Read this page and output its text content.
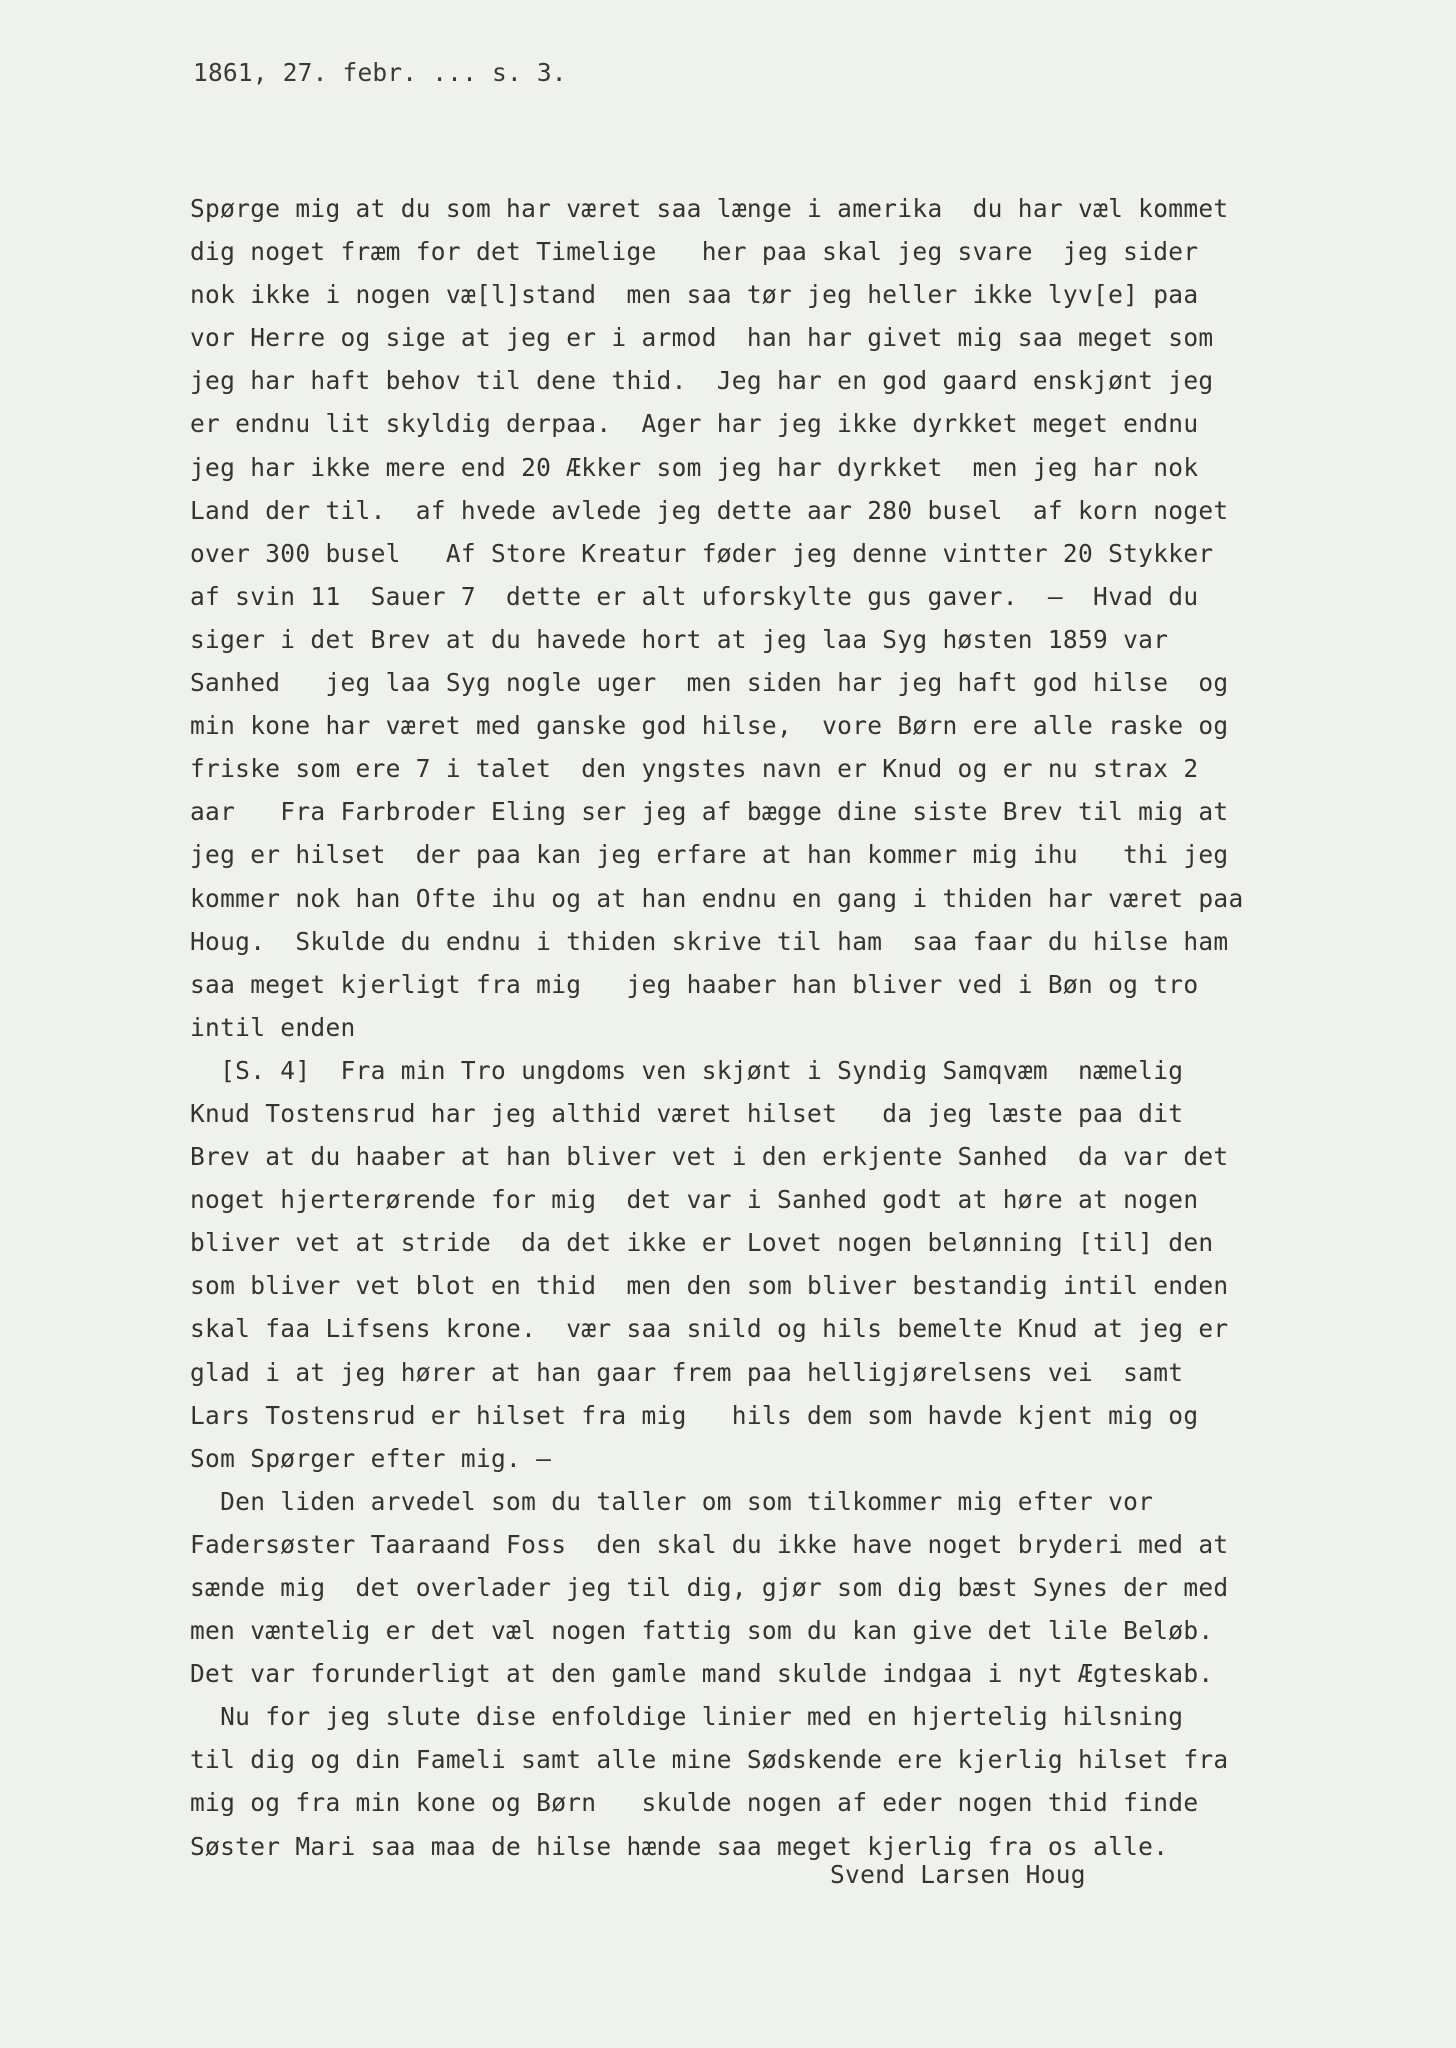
1861, 27. febr. ... s. 3.
Spørge mig at du som har været saa længe i amerika  du har væl kommet
dig noget fræm for det Timelige   her paa skal jeg svare  jeg sider
nok ikke i nogen væ[l]stand  men saa tør jeg heller ikke lyv[e] paa
vor Herre og sige at jeg er i armod  han har givet mig saa meget som
jeg har haft behov til dene thid.  Jeg har en god gaard enskjønt jeg
er endnu lit skyldig derpaa.  Ager har jeg ikke dyrkket meget endnu
jeg har ikke mere end 20 Ækker som jeg har dyrkket  men jeg har nok
Land der til.  af hvede avlede jeg dette aar 280 busel  af korn noget
over 300 busel   Af Store Kreatur føder jeg denne vintter 20 Stykker
af svin 11  Sauer 7  dette er alt uforskylte gus gaver.  —  Hvad du
siger i det Brev at du havede hort at jeg laa Syg høsten 1859 var
Sanhed   jeg laa Syg nogle uger  men siden har jeg haft god hilse  og
min kone har været med ganske god hilse,  vore Børn ere alle raske og
friske som ere 7 i talet  den yngstes navn er Knud og er nu strax 2
aar   Fra Farbroder Eling ser jeg af bægge dine siste Brev til mig at
jeg er hilset  der paa kan jeg erfare at han kommer mig ihu   thi jeg
kommer nok han Ofte ihu og at han endnu en gang i thiden har været paa
Houg.  Skulde du endnu i thiden skrive til ham  saa faar du hilse ham
saa meget kjerligt fra mig   jeg haaber han bliver ved i Bøn og tro
intil enden
[S. 4]  Fra min Tro ungdoms ven skjønt i Syndig Samqvæm  næmelig
Knud Tostensrud har jeg althid været hilset   da jeg læste paa dit
Brev at du haaber at han bliver vet i den erkjente Sanhed  da var det
noget hjerterørende for mig  det var i Sanhed godt at høre at nogen
bliver vet at stride  da det ikke er Lovet nogen belønning [til] den
som bliver vet blot en thid  men den som bliver bestandig intil enden
skal faa Lifsens krone.  vær saa snild og hils bemelte Knud at jeg er
glad i at jeg hører at han gaar frem paa helligjørelsens vei  samt
Lars Tostensrud er hilset fra mig   hils dem som havde kjent mig og
Som Spørger efter mig. —
Den liden arvedel som du taller om som tilkommer mig efter vor
Fadersøster Taaraand Foss  den skal du ikke have noget bryderi med at
sænde mig  det overlader jeg til dig, gjør som dig bæst Synes der med
men væntelig er det væl nogen fattig som du kan give det lile Beløb.
Det var forunderligt at den gamle mand skulde indgaa i nyt Ægteskab.
Nu for jeg slute dise enfoldige linier med en hjertelig hilsning
til dig og din Fameli samt alle mine Sødskende ere kjerlig hilset fra
mig og fra min kone og Børn   skulde nogen af eder nogen thid finde
Søster Mari saa maa de hilse hænde saa meget kjerlig fra os alle.
Svend Larsen Houg
